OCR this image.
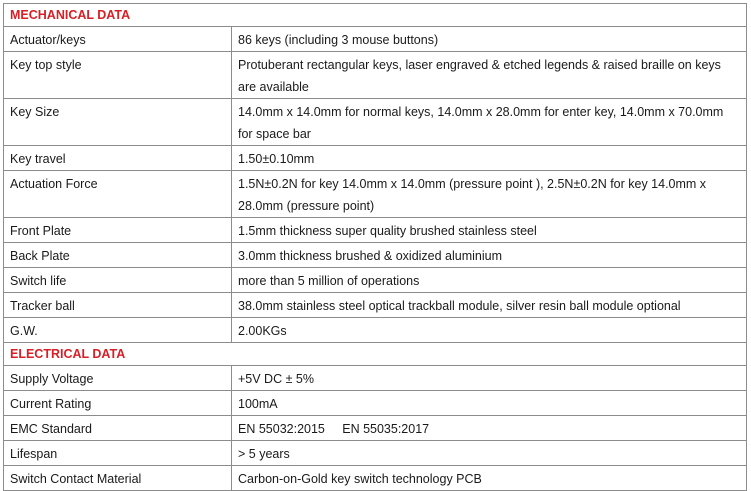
MECHANICAL DATA	
Actuator/keys	86 keys (including 3 mouse buttons)
Key top style	Protuberant rectangular keys, laser engraved & etched legends & raised braille on keys are available
Key Size	14.0mm x 14.0mm for normal keys, 14.0mm x 28.0mm for enter key, 14.0mm x 70.0mm for space bar
Key travel	1.50±0.10mm
Actuation Force	1.5N±0.2N for key 14.0mm x 14.0mm (pressure point ), 2.5N±0.2N for key 14.0mm x 28.0mm (pressure point)
Front Plate	1.5mm thickness super quality brushed stainless steel
Back Plate	3.0mm thickness brushed & oxidized aluminium
Switch life	more than 5 million of operations
Tracker ball	38.0mm stainless steel optical trackball module, silver resin ball module optional
G.W.	2.00KGs
ELECTRICAL DATA	
Supply Voltage	+5V DC ± 5%
Current Rating	100mA
EMC Standard	EN 55032:2015     EN 55035:2017
Lifespan	> 5 years
Switch Contact Material	Carbon-on-Gold key switch technology PCB
